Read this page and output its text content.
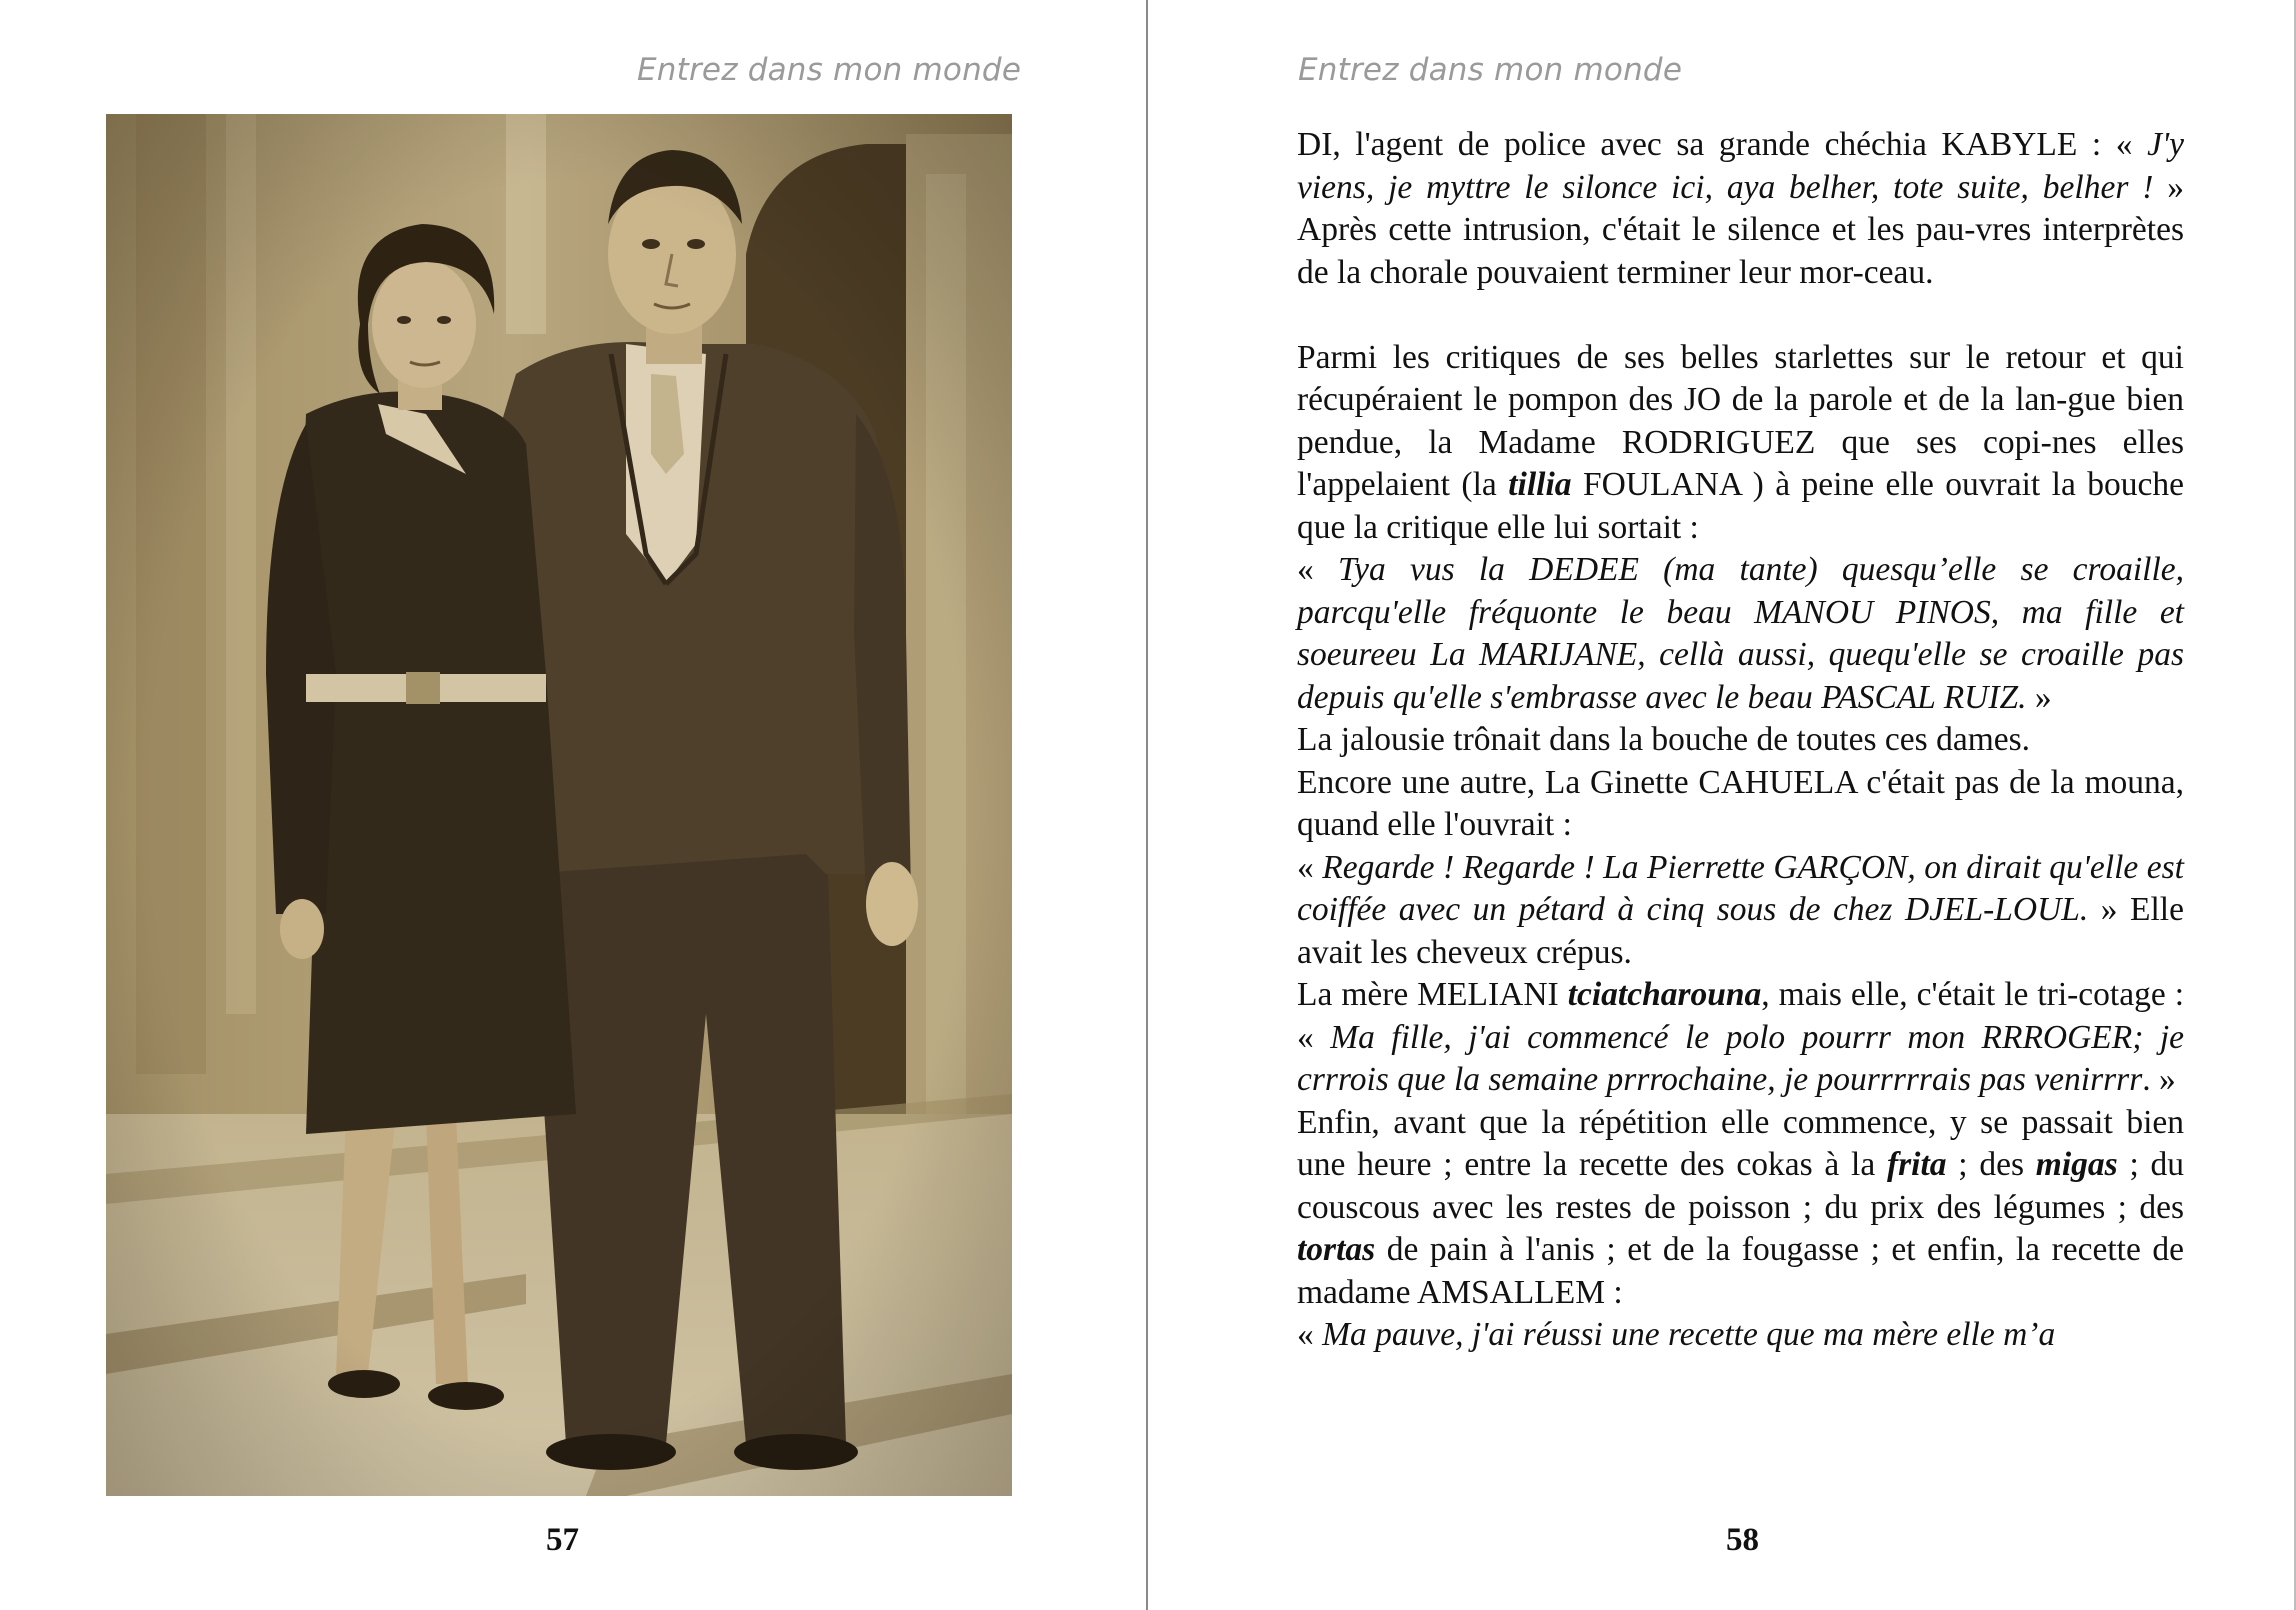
Entrez dans mon monde
57
Entrez dans mon monde
58

DI, l'agent de police avec sa grande chéchia KABYLE : « J'y viens, je myttre le silonce ici, aya belher, tote suite, belher ! » Après cette intrusion, c'était le silence et les pau-vres interprètes de la chorale pouvaient terminer leur mor-ceau.

Parmi les critiques de ses belles starlettes sur le retour et qui récupéraient le pompon des JO de la parole et de la lan-gue bien pendue, la Madame RODRIGUEZ que ses copi-nes elles l'appelaient (la tillia FOULANA ) à peine elle ouvrait la bouche que la critique elle lui sortait :

« Tya vus la DEDEE (ma tante) quesqu’elle se croaille, parcqu'elle fréquonte le beau MANOU PINOS, ma fille et soeureeu La MARIJANE, cellà aussi, quequ'elle se croaille pas depuis qu'elle s'embrasse avec le beau PASCAL RUIZ. »

La jalousie trônait dans la bouche de toutes ces dames.

Encore une autre, La Ginette CAHUELA c'était pas de la mouna, quand elle l'ouvrait :

« Regarde ! Regarde ! La Pierrette GARÇON, on dirait qu'elle est coiffée avec un pétard à cinq sous de chez DJEL-LOUL. » Elle avait les cheveux crépus.

La mère MELIANI tciatcharouna, mais elle, c'était le tri-cotage : « Ma fille, j'ai commencé le polo pourrr mon RRROGER; je crrrois que la semaine prrrochaine, je pourrrrrais pas venirrrr. »

Enfin, avant que la répétition elle commence, y se passait bien une heure ; entre la recette des cokas à la frita ; des migas ; du couscous avec les restes de poisson ; du prix des légumes ; des tortas de pain à l'anis ; et de la fougasse ; et enfin, la recette de madame AMSALLEM :

« Ma pauve, j'ai réussi une recette que ma mère elle m’a
